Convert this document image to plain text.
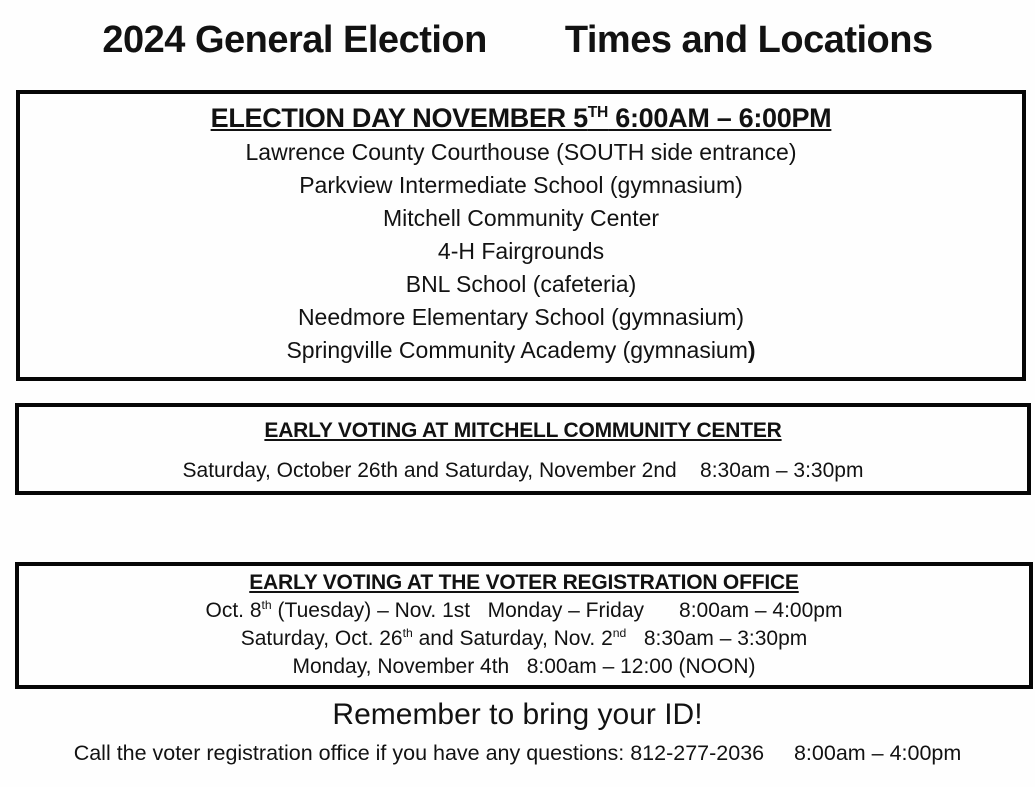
2024 General Election Times and Locations
ELECTION DAY NOVEMBER 5TH 6:00AM – 6:00PM
Lawrence County Courthouse (SOUTH side entrance)
Parkview Intermediate School (gymnasium)
Mitchell Community Center
4-H Fairgrounds
BNL School (cafeteria)
Needmore Elementary School (gymnasium)
Springville Community Academy (gymnasium)
EARLY VOTING AT MITCHELL COMMUNITY CENTER
Saturday, October 26th and Saturday, November 2nd    8:30am – 3:30pm
EARLY VOTING AT THE VOTER REGISTRATION OFFICE
Oct. 8th (Tuesday) – Nov. 1st   Monday – Friday      8:00am – 4:00pm
Saturday, Oct. 26th and Saturday, Nov. 2nd   8:30am – 3:30pm
Monday, November 4th   8:00am – 12:00 (NOON)
Remember to bring your ID!
Call the voter registration office if you have any questions: 812-277-2036     8:00am – 4:00pm
